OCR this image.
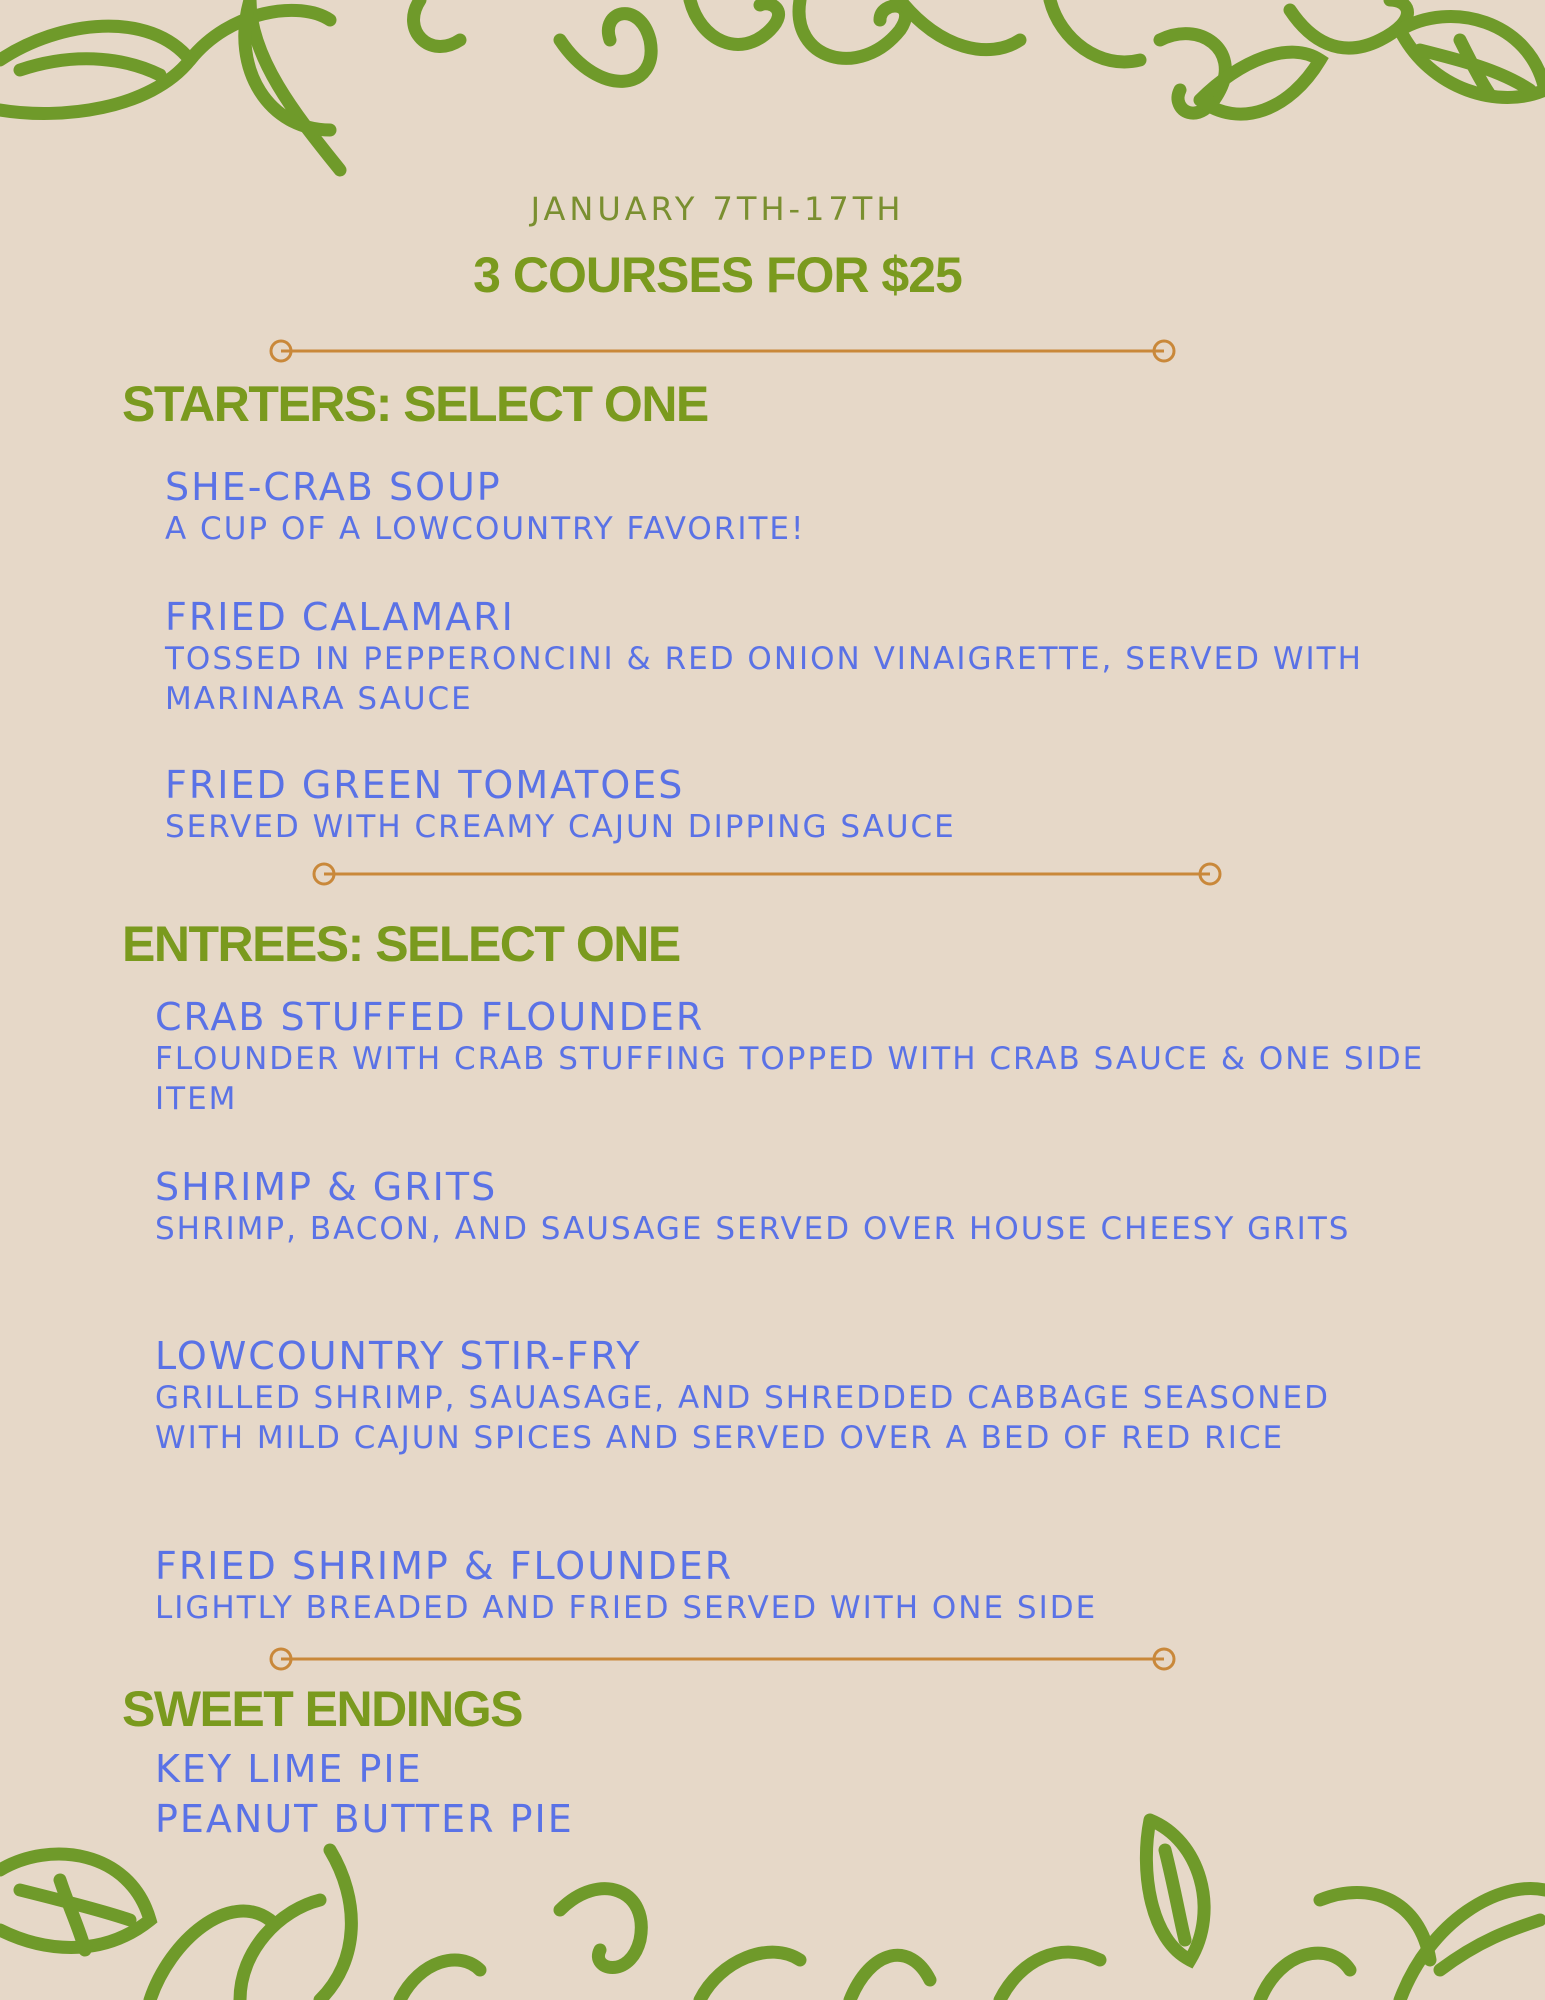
JANUARY 7TH-17TH
3 COURSES FOR $25
STARTERS: SELECT ONE
SHE-CRAB SOUP
A CUP OF A LOWCOUNTRY FAVORITE!
FRIED CALAMARI
TOSSED IN PEPPERONCINI & RED ONION VINAIGRETTE, SERVED WITH MARINARA SAUCE
FRIED GREEN TOMATOES
SERVED WITH CREAMY CAJUN DIPPING SAUCE
ENTREES: SELECT ONE
CRAB STUFFED FLOUNDER
FLOUNDER WITH CRAB STUFFING TOPPED WITH CRAB SAUCE & ONE SIDE ITEM
SHRIMP & GRITS
SHRIMP, BACON, AND SAUSAGE SERVED OVER HOUSE CHEESY GRITS
LOWCOUNTRY STIR-FRY
GRILLED SHRIMP, SAUASAGE, AND SHREDDED CABBAGE SEASONED WITH MILD CAJUN SPICES AND SERVED OVER A BED OF RED RICE
FRIED SHRIMP & FLOUNDER
LIGHTLY BREADED AND FRIED SERVED WITH ONE SIDE
SWEET ENDINGS
KEY LIME PIE
PEANUT BUTTER PIE
